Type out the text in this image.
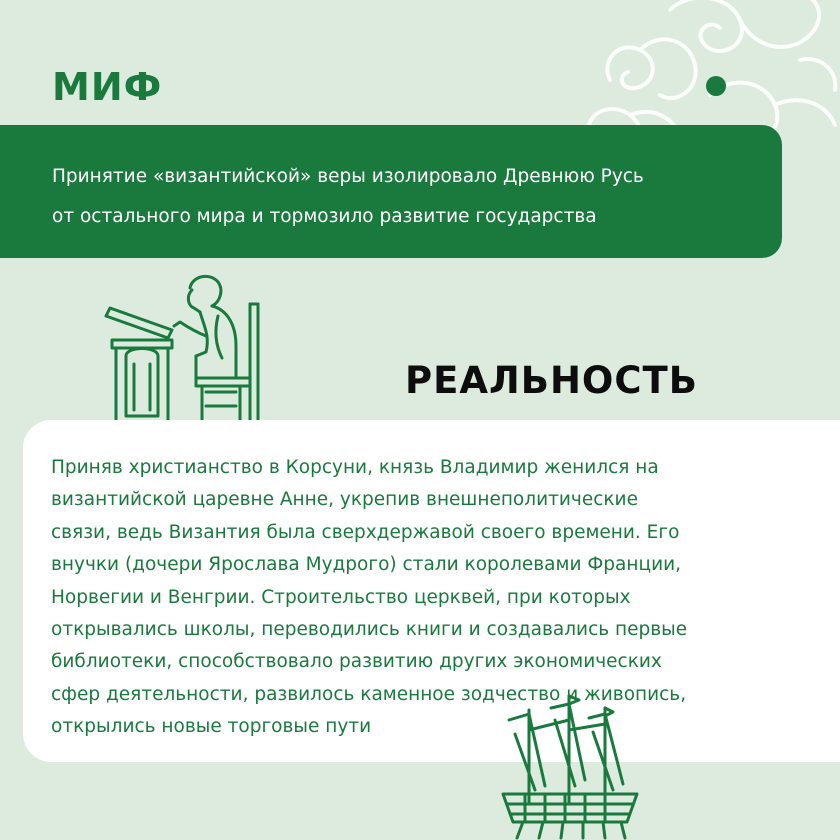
МИФ

Принятие «византийской» веры изолировало Древнюю Русь
от остального мира и тормозило развитие государства

РЕАЛЬНОСТЬ

Приняв христианство в Корсуни, князь Владимир женился на
византийской царевне Анне, укрепив внешнеполитические
связи, ведь Византия была сверхдержавой своего времени. Его
внучки (дочери Ярослава Мудрого) стали королевами Франции,
Норвегии и Венгрии. Строительство церквей, при которых
открывались школы, переводились книги и создавались первые
библиотеки, способствовало развитию других экономических
сфер деятельности, развилось каменное зодчество и живопись,
открылись новые торговые пути
